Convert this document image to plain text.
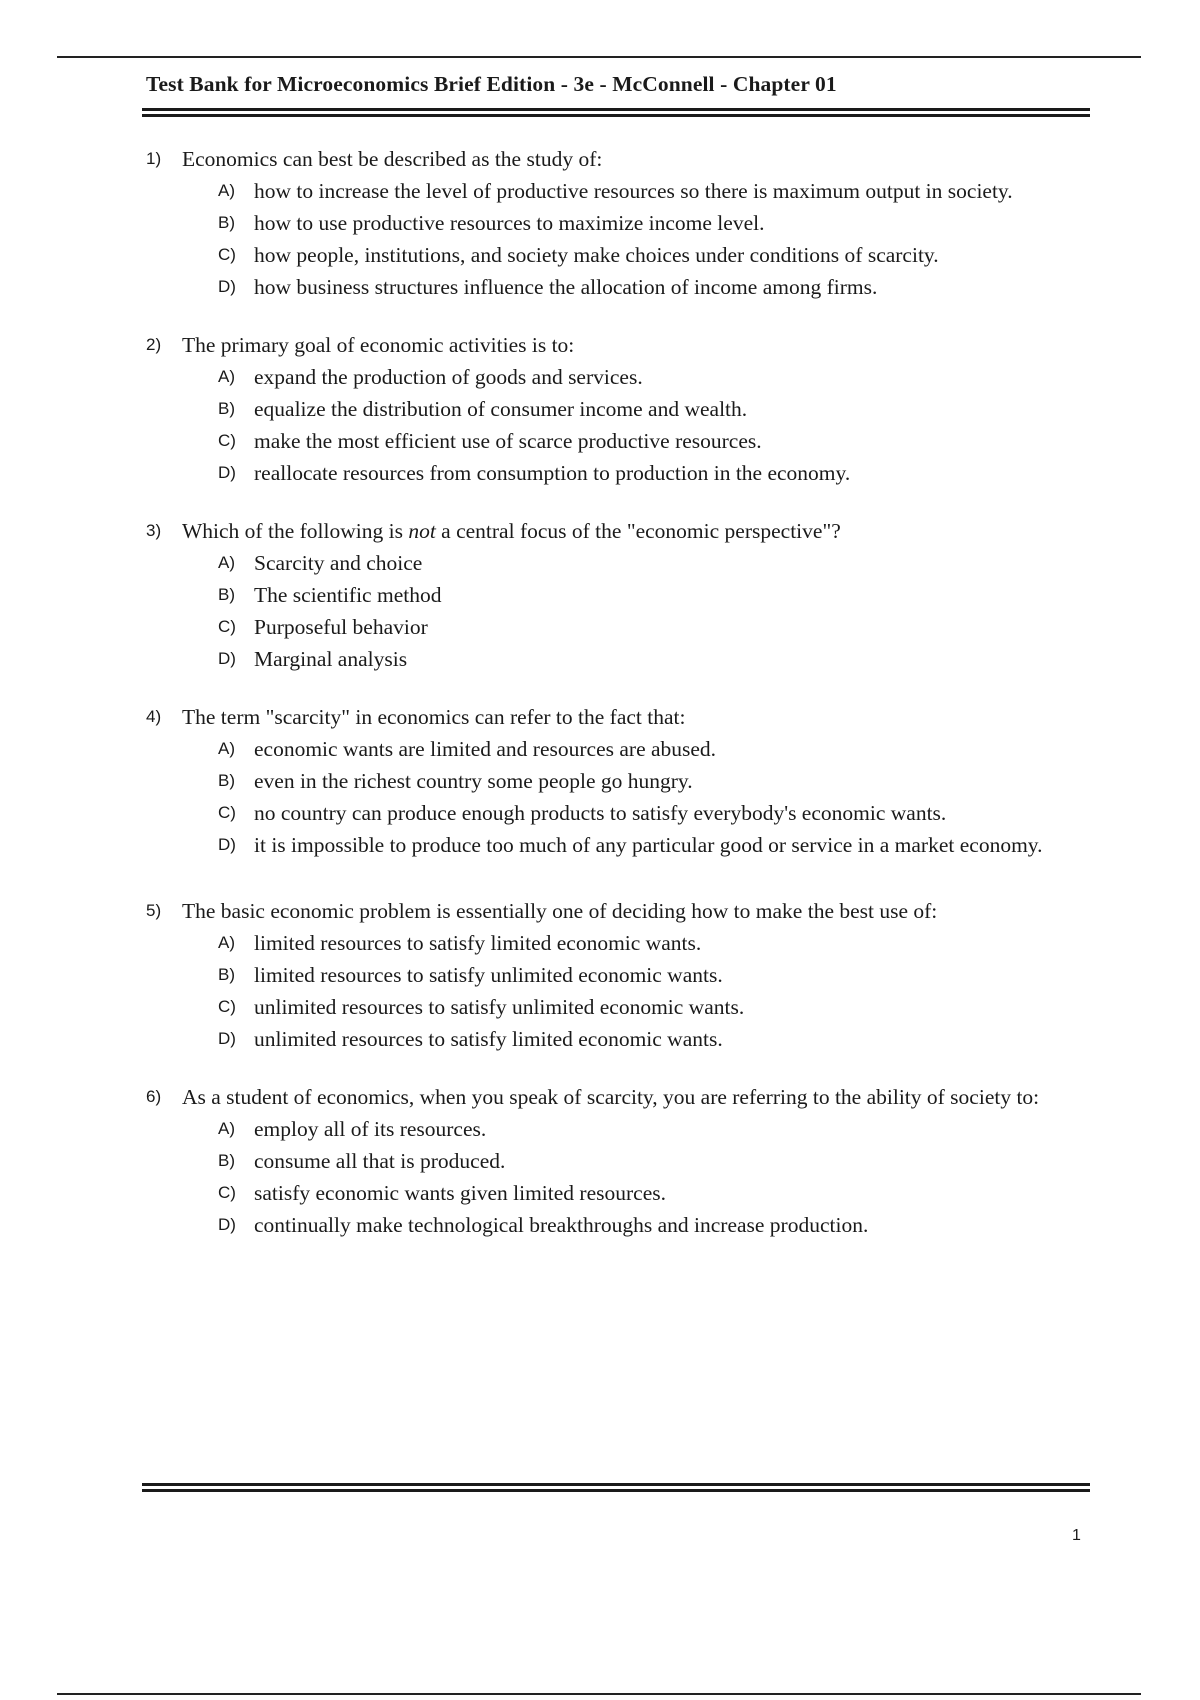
Test Bank for Microeconomics Brief Edition - 3e - McConnell - Chapter 01
1) Economics can best be described as the study of:
A) how to increase the level of productive resources so there is maximum output in society.
B) how to use productive resources to maximize income level.
C) how people, institutions, and society make choices under conditions of scarcity.
D) how business structures influence the allocation of income among firms.
2) The primary goal of economic activities is to:
A) expand the production of goods and services.
B) equalize the distribution of consumer income and wealth.
C) make the most efficient use of scarce productive resources.
D) reallocate resources from consumption to production in the economy.
3) Which of the following is not a central focus of the "economic perspective"?
A) Scarcity and choice
B) The scientific method
C) Purposeful behavior
D) Marginal analysis
4) The term "scarcity" in economics can refer to the fact that:
A) economic wants are limited and resources are abused.
B) even in the richest country some people go hungry.
C) no country can produce enough products to satisfy everybody's economic wants.
D) it is impossible to produce too much of any particular good or service in a market economy.
5) The basic economic problem is essentially one of deciding how to make the best use of:
A) limited resources to satisfy limited economic wants.
B) limited resources to satisfy unlimited economic wants.
C) unlimited resources to satisfy unlimited economic wants.
D) unlimited resources to satisfy limited economic wants.
6) As a student of economics, when you speak of scarcity, you are referring to the ability of society to:
A) employ all of its resources.
B) consume all that is produced.
C) satisfy economic wants given limited resources.
D) continually make technological breakthroughs and increase production.
1
